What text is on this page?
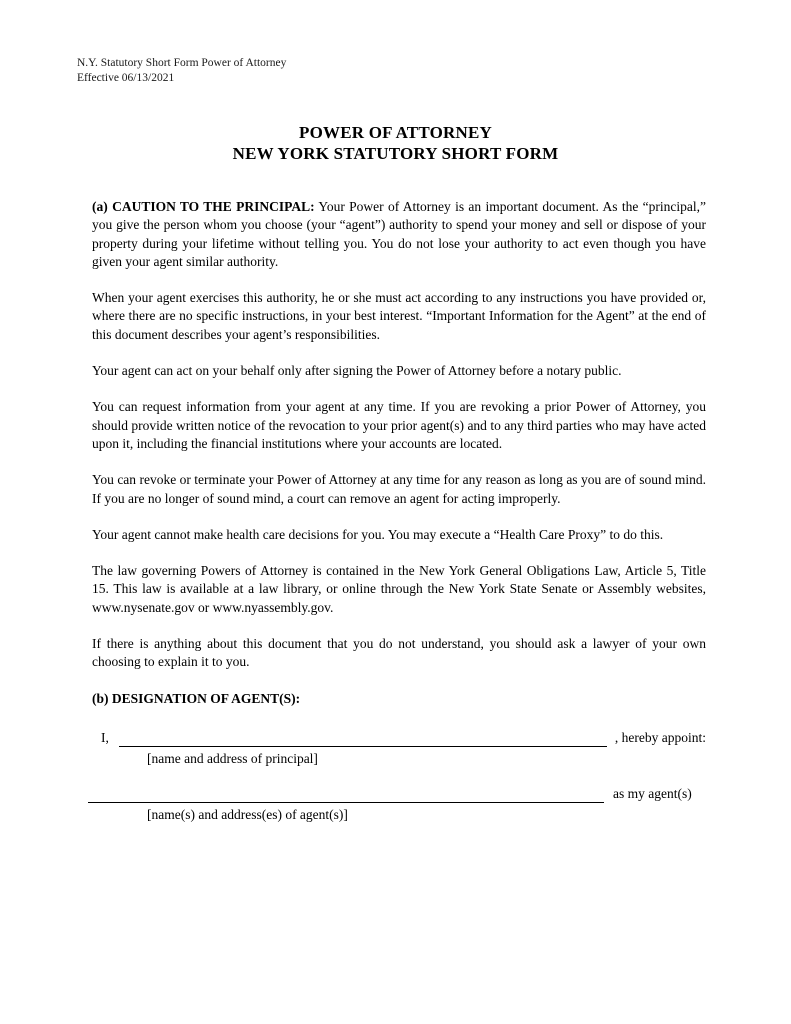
N.Y. Statutory Short Form Power of Attorney
Effective 06/13/2021
POWER OF ATTORNEY
NEW YORK STATUTORY SHORT FORM

(a) CAUTION TO THE PRINCIPAL: Your Power of Attorney is an important document. As the “principal,” you give the person whom you choose (your “agent”) authority to spend your money and sell or dispose of your property during your lifetime without telling you. You do not lose your authority to act even though you have given your agent similar authority.

When your agent exercises this authority, he or she must act according to any instructions you have provided or, where there are no specific instructions, in your best interest. “Important Information for the Agent” at the end of this document describes your agent’s responsibilities.

Your agent can act on your behalf only after signing the Power of Attorney before a notary public.

You can request information from your agent at any time. If you are revoking a prior Power of Attorney, you should provide written notice of the revocation to your prior agent(s) and to any third parties who may have acted upon it, including the financial institutions where your accounts are located.

You can revoke or terminate your Power of Attorney at any time for any reason as long as you are of sound mind. If you are no longer of sound mind, a court can remove an agent for acting improperly.

Your agent cannot make health care decisions for you. You may execute a “Health Care Proxy” to do this.

The law governing Powers of Attorney is contained in the New York General Obligations Law, Article 5, Title 15. This law is available at a law library, or online through the New York State Senate or Assembly websites, www.nysenate.gov or www.nyassembly.gov.

If there is anything about this document that you do not understand, you should ask a lawyer of your own choosing to explain it to you.

(b) DESIGNATION OF AGENT(S):
I,	, hereby appoint:
[name and address of principal]
as my agent(s)
[name(s) and address(es) of agent(s)]
